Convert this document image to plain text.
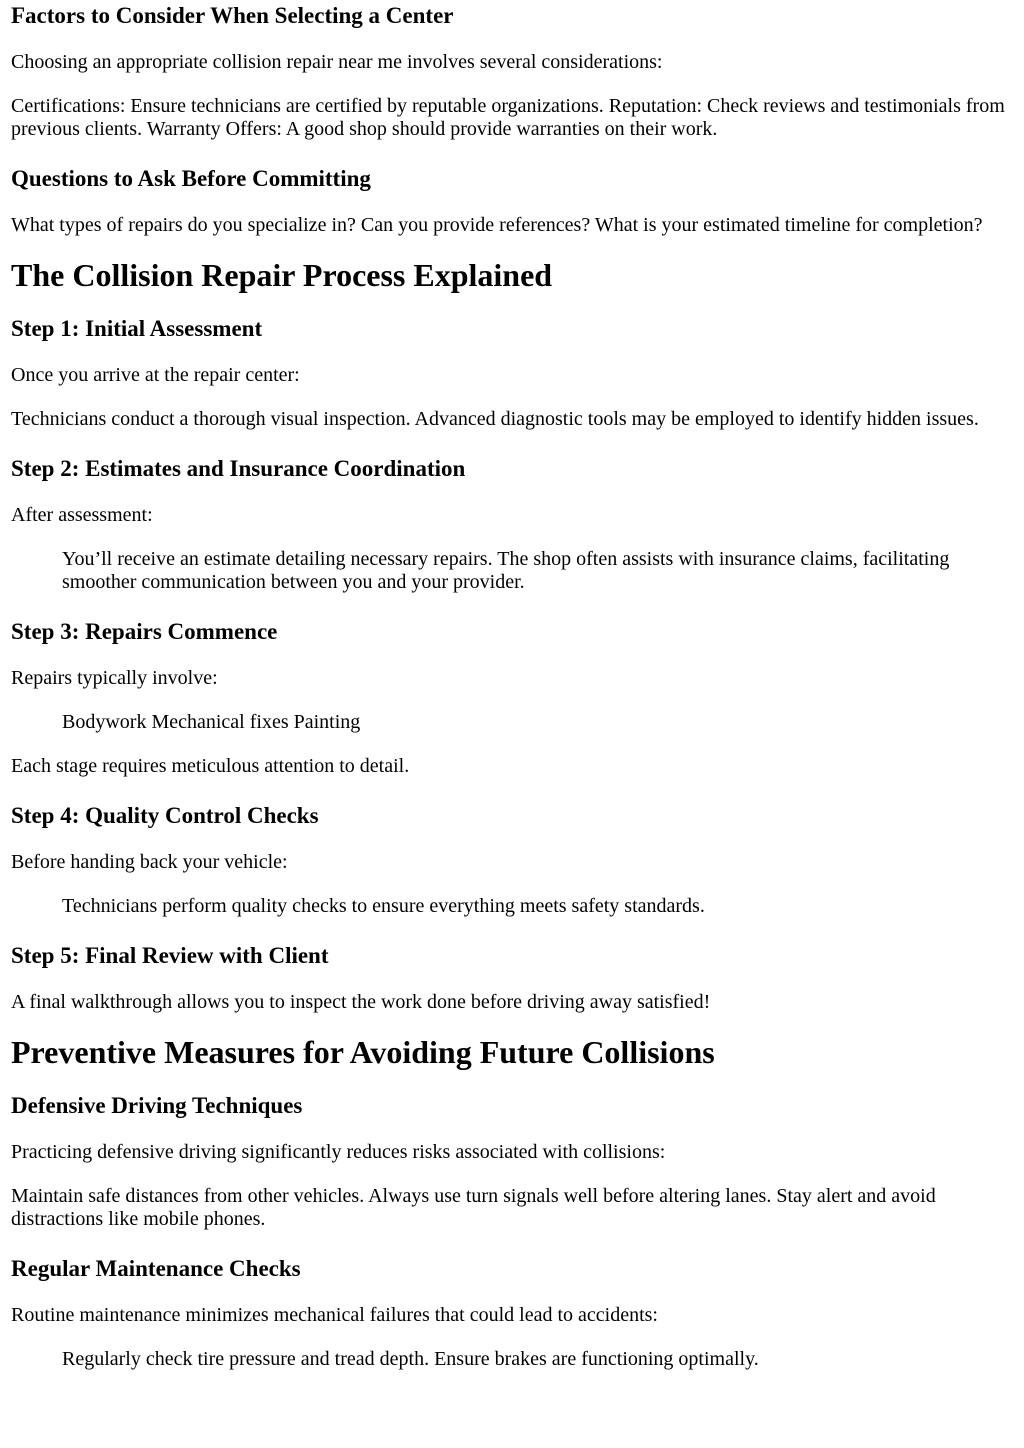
Factors to Consider When Selecting a Center

Choosing an appropriate collision repair near me involves several considerations:

Certifications: Ensure technicians are certified by reputable organizations. Reputation: Check reviews and testimonials from previous clients. Warranty Offers: A good shop should provide warranties on their work.

Questions to Ask Before Committing

What types of repairs do you specialize in? Can you provide references? What is your estimated timeline for completion?

The Collision Repair Process Explained
Step 1: Initial Assessment

Once you arrive at the repair center:

Technicians conduct a thorough visual inspection. Advanced diagnostic tools may be employed to identify hidden issues.

Step 2: Estimates and Insurance Coordination

After assessment:

You’ll receive an estimate detailing necessary repairs. The shop often assists with insurance claims, facilitating smoother communication between you and your provider.

Step 3: Repairs Commence

Repairs typically involve:

Bodywork Mechanical fixes Painting

Each stage requires meticulous attention to detail.

Step 4: Quality Control Checks

Before handing back your vehicle:

Technicians perform quality checks to ensure everything meets safety standards.

Step 5: Final Review with Client

A final walkthrough allows you to inspect the work done before driving away satisfied!

Preventive Measures for Avoiding Future Collisions
Defensive Driving Techniques

Practicing defensive driving significantly reduces risks associated with collisions:

Maintain safe distances from other vehicles. Always use turn signals well before altering lanes. Stay alert and avoid distractions like mobile phones.

Regular Maintenance Checks

Routine maintenance minimizes mechanical failures that could lead to accidents:

Regularly check tire pressure and tread depth. Ensure brakes are functioning optimally.
